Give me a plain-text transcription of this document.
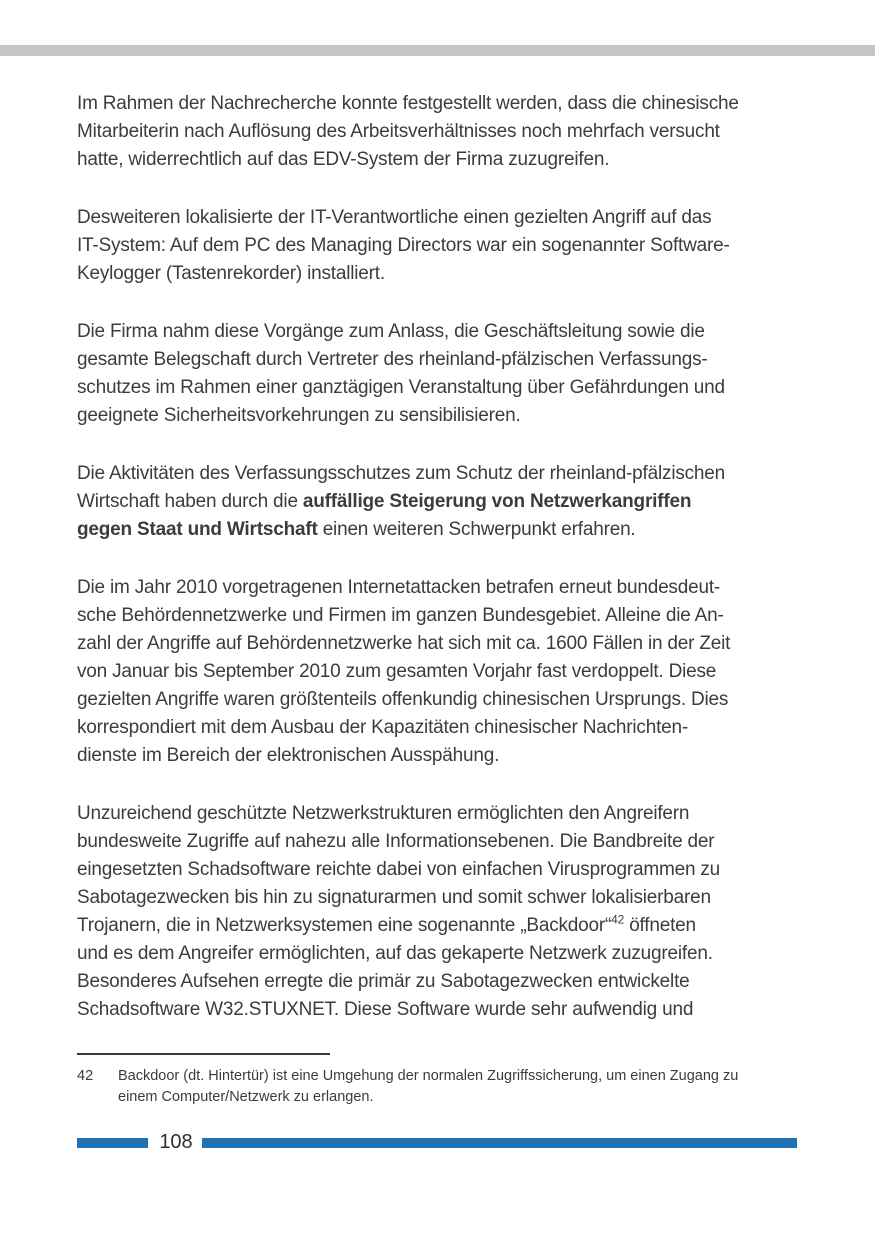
Im Rahmen der Nachrecherche konnte festgestellt werden, dass die chinesische
Mitarbeiterin nach Auflösung des Arbeitsverhältnisses noch mehrfach versucht
hatte, widerrechtlich auf das EDV-System der Firma zuzugreifen.
Desweiteren lokalisierte der IT-Verantwortliche einen gezielten Angriff auf das
IT-System: Auf dem PC des Managing Directors war ein sogenannter Software-
Keylogger (Tastenrekorder) installiert.
Die Firma nahm diese Vorgänge zum Anlass, die Geschäftsleitung sowie die
gesamte Belegschaft durch Vertreter des rheinland-pfälzischen Verfassungs-
schutzes im Rahmen einer ganztägigen Veranstaltung über Gefährdungen und
geeignete Sicherheitsvorkehrungen zu sensibilisieren.
Die Aktivitäten des Verfassungsschutzes zum Schutz der rheinland-pfälzischen
Wirtschaft haben durch die auffällige Steigerung von Netzwerkangriffen
gegen Staat und Wirtschaft einen weiteren Schwerpunkt erfahren.
Die im Jahr 2010 vorgetragenen Internetattacken betrafen erneut bundesdeut-
sche Behördennetzwerke und Firmen im ganzen Bundesgebiet. Alleine die An-
zahl der Angriffe auf Behördennetzwerke hat sich mit ca. 1600 Fällen in der Zeit
von Januar bis September 2010 zum gesamten Vorjahr fast verdoppelt. Diese
gezielten Angriffe waren größtenteils offenkundig chinesischen Ursprungs. Dies
korrespondiert mit dem Ausbau der Kapazitäten chinesischer Nachrichten-
dienste im Bereich der elektronischen Ausspähung.
Unzureichend geschützte Netzwerkstrukturen ermöglichten den Angreifern
bundesweite Zugriffe auf nahezu alle Informationsebenen. Die Bandbreite der
eingesetzten Schadsoftware reichte dabei von einfachen Virusprogrammen zu
Sabotagezwecken bis hin zu signaturarmen und somit schwer lokalisierbaren
Trojanern, die in Netzwerksystemen eine sogenannte „Backdoor“$^{42}$ öffneten
und es dem Angreifer ermöglichten, auf das gekaperte Netzwerk zuzugreifen.
Besonderes Aufsehen erregte die primär zu Sabotagezwecken entwickelte
Schadsoftware W32.STUXNET. Diese Software wurde sehr aufwendig und
42 Backdoor (dt. Hintertür) ist eine Umgehung der normalen Zugriffssicherung, um einen Zugang zu
einem Computer/Netzwerk zu erlangen.
108
